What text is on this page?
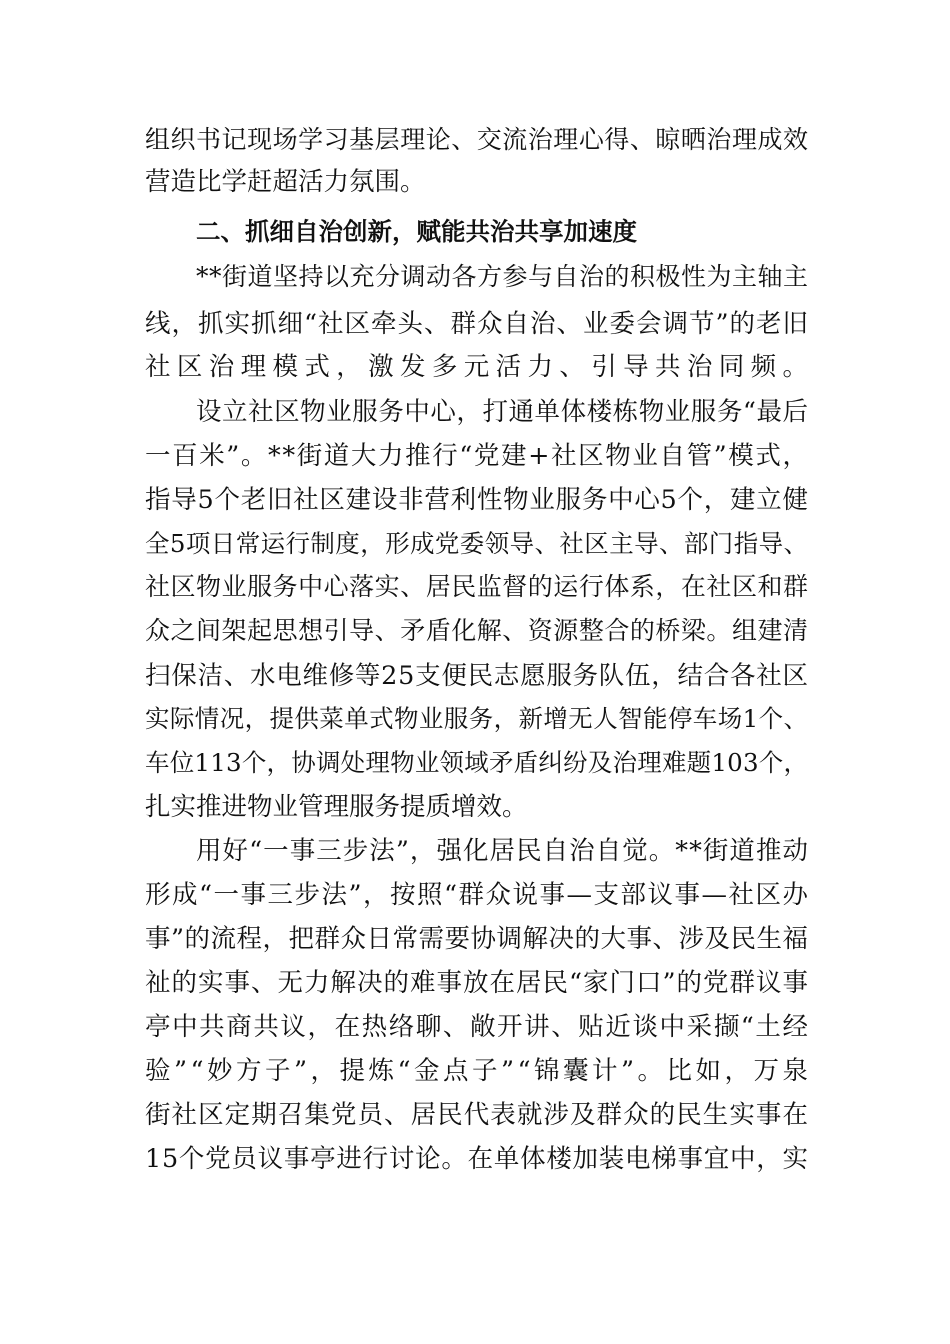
组织书记现场学习基层理论、交流治理心得、晾晒治理成效
营造比学赶超活力氛围。
二、抓细自治创新，赋能共治共享加速度
**街道坚持以充分调动各方参与自治的积极性为主轴主
线，抓实抓细“社区牵头、群众自治、业委会调节”的老旧
社区治理模式，激发多元活力、引导共治同频。
设立社区物业服务中心，打通单体楼栋物业服务“最后
一百米”。**街道大力推行“党建+社区物业自管”模式，
指导5个老旧社区建设非营利性物业服务中心5个，建立健
全5项日常运行制度，形成党委领导、社区主导、部门指导、
社区物业服务中心落实、居民监督的运行体系，在社区和群
众之间架起思想引导、矛盾化解、资源整合的桥梁。组建清
扫保洁、水电维修等25支便民志愿服务队伍，结合各社区
实际情况，提供菜单式物业服务，新增无人智能停车场1个、
车位113个，协调处理物业领域矛盾纠纷及治理难题103个，
扎实推进物业管理服务提质增效。
用好“一事三步法”，强化居民自治自觉。**街道推动
形成“一事三步法”，按照“群众说事—支部议事—社区办
事”的流程，把群众日常需要协调解决的大事、涉及民生福
祉的实事、无力解决的难事放在居民“家门口”的党群议事
亭中共商共议，在热络聊、敞开讲、贴近谈中采撷“土经
验”“妙方子”，提炼“金点子”“锦囊计”。比如，万泉
街社区定期召集党员、居民代表就涉及群众的民生实事在
15个党员议事亭进行讨论。在单体楼加装电梯事宜中，实
